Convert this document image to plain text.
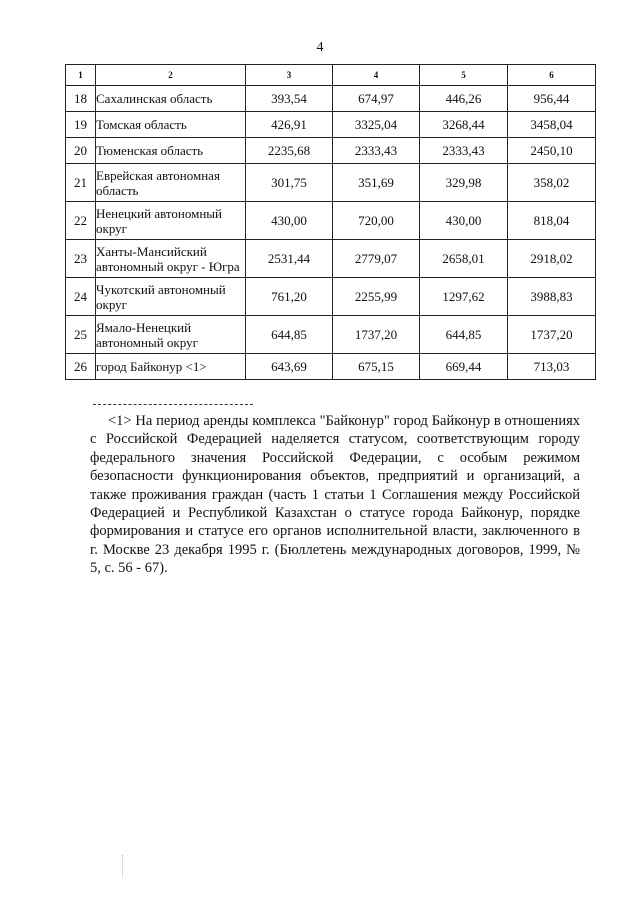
4
1	2	3	4	5	6
18	Сахалинская область	393,54	674,97	446,26	956,44
19	Томская область	426,91	3325,04	3268,44	3458,04
20	Тюменская область	2235,68	2333,43	2333,43	2450,10
21	Еврейская автономная область	301,75	351,69	329,98	358,02
22	Ненецкий автономный округ	430,00	720,00	430,00	818,04
23	Ханты-Мансийский автономный округ - Югра	2531,44	2779,07	2658,01	2918,02
24	Чукотский автономный округ	761,20	2255,99	1297,62	3988,83
25	Ямало-Ненецкий автономный округ	644,85	1737,20	644,85	1737,20
26	город Байконур <1>	643,69	675,15	669,44	713,03

<1> На период аренды комплекса "Байконур" город Байконур в отношениях с Российской Федерацией наделяется статусом, соответствующим городу федерального значения Российской Федерации, с особым режимом безопасности функционирования объектов, предприятий и организаций, а также проживания граждан (часть 1 статьи 1 Соглашения между Российской Федерацией и Республикой Казахстан о статусе города Байконур, порядке формирования и статусе его органов исполнительной власти, заключенного в г. Москве 23 декабря 1995 г. (Бюллетень международных договоров, 1999, № 5, с. 56 - 67).
